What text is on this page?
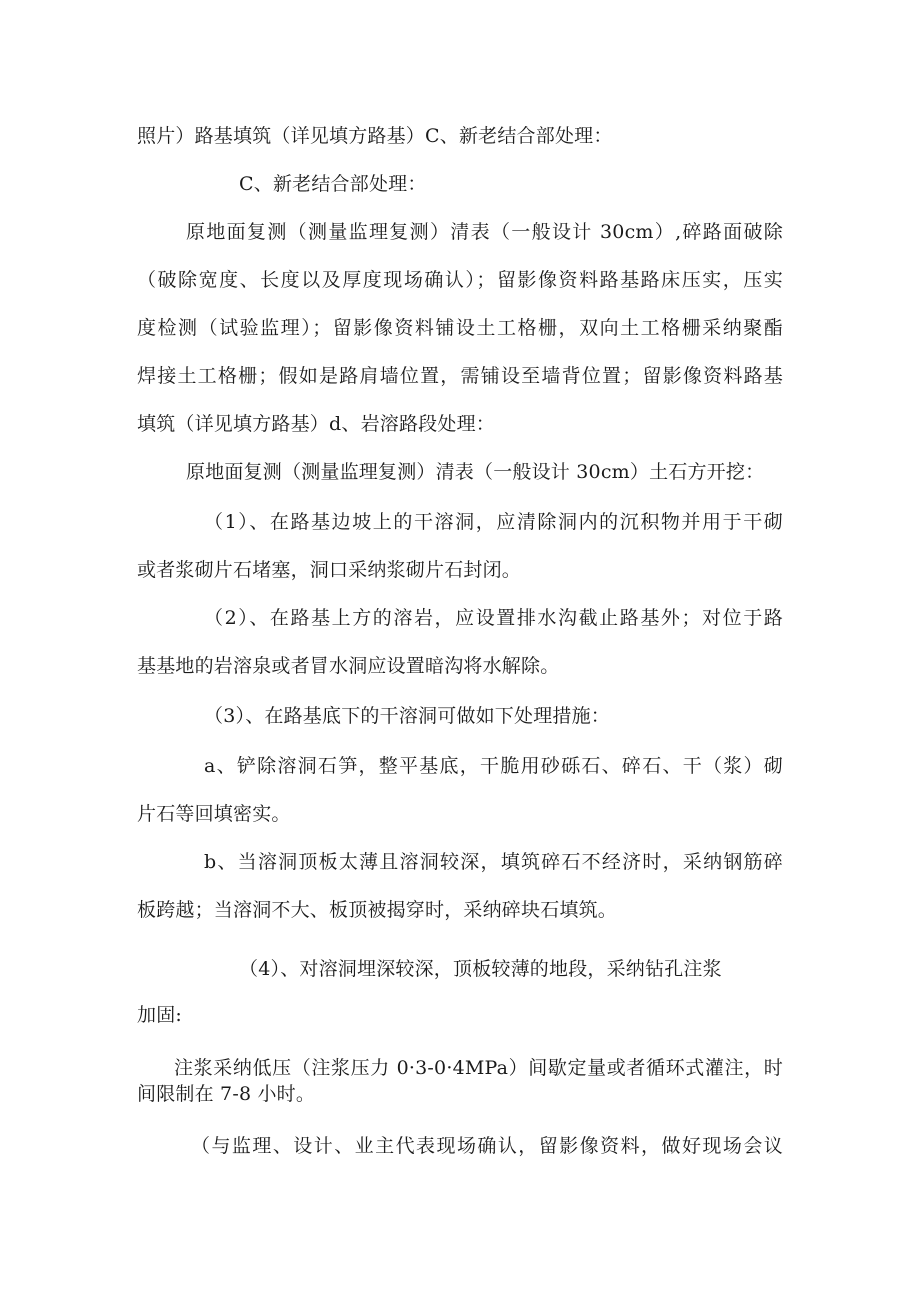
照片）路基填筑（详见填方路基）C、新老结合部处理：
C、新老结合部处理：
原地面复测（测量监理复测）清表（一般设计 30cm）,碎路面破除
（破除宽度、长度以及厚度现场确认）；留影像资料路基路床压实，压实
度检测（试验监理）；留影像资料铺设土工格栅，双向土工格栅采纳聚酯
焊接土工格栅；假如是路肩墙位置，需铺设至墙背位置；留影像资料路基
填筑（详见填方路基）d、岩溶路段处理：
原地面复测（测量监理复测）清表（一般设计 30cm）土石方开挖：
（1）、在路基边坡上的干溶洞，应清除洞内的沉积物并用于干砌
或者浆砌片石堵塞，洞口采纳浆砌片石封闭。
（2）、在路基上方的溶岩，应设置排水沟截止路基外；对位于路
基基地的岩溶泉或者冒水洞应设置暗沟将水解除。
（3）、在路基底下的干溶洞可做如下处理措施：
a、铲除溶洞石笋，整平基底，干脆用砂砾石、碎石、干（浆）砌
片石等回填密实。
b、当溶洞顶板太薄且溶洞较深，填筑碎石不经济时，采纳钢筋碎
板跨越；当溶洞不大、板顶被揭穿时，采纳碎块石填筑。
（4）、对溶洞埋深较深，顶板较薄的地段，采纳钻孔注浆
加固:
注浆采纳低压（注浆压力 0·3-0·4MPa）间歇定量或者循环式灌注，时
间限制在 7-8 小时。
（与监理、设计、业主代表现场确认，留影像资料，做好现场会议
